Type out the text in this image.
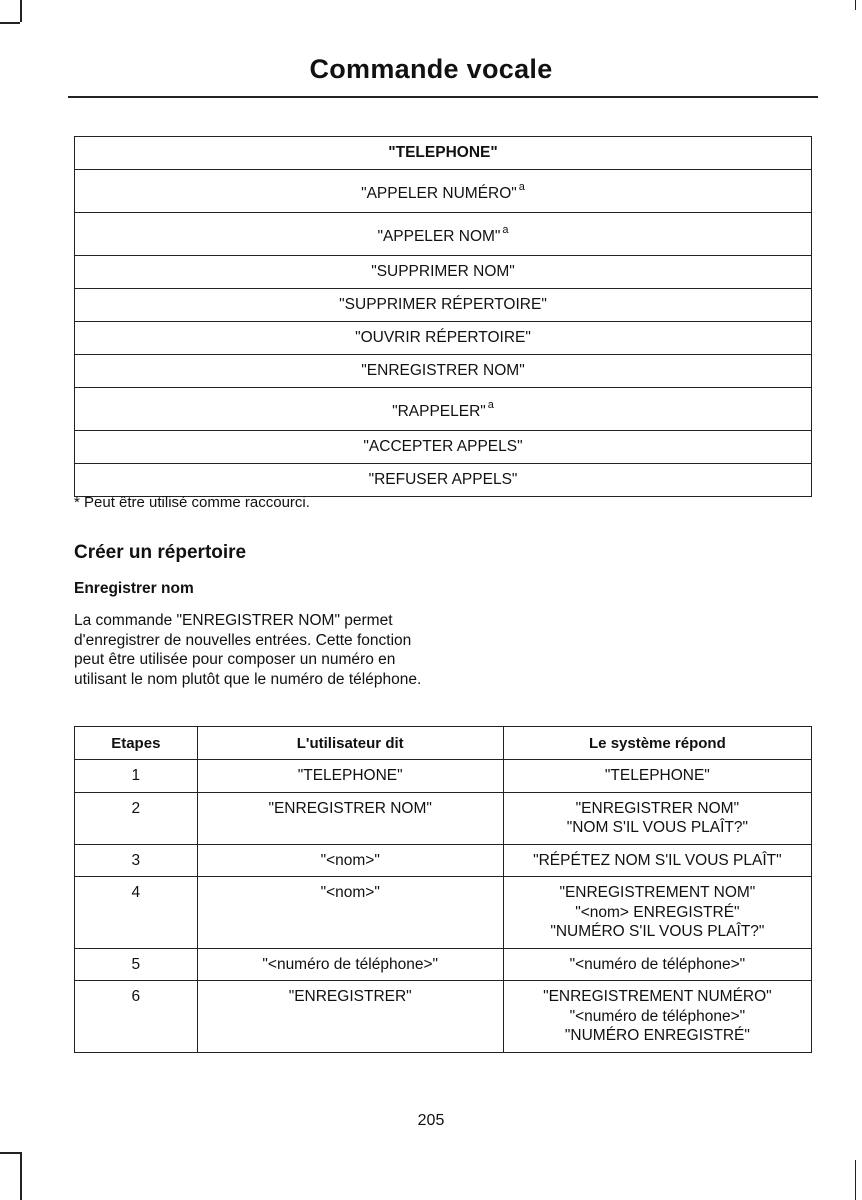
Commande vocale
"TELEPHONE"
"APPELER NUMÉRO" $^a$
"APPELER NOM" $^a$
"SUPPRIMER NOM"
"SUPPRIMER RÉPERTOIRE"
"OUVRIR RÉPERTOIRE"
"ENREGISTRER NOM"
"RAPPELER" $^a$
"ACCEPTER APPELS"
"REFUSER APPELS"
* Peut être utilisé comme raccourci.
Créer un répertoire
Enregistrer nom
La commande "ENREGISTRER NOM" permet d'enregistrer de nouvelles entrées. Cette fonction peut être utilisée pour composer un numéro en utilisant le nom plutôt que le numéro de téléphone.
Etapes	L'utilisateur dit	Le système répond
1	"TELEPHONE"	"TELEPHONE"

2	"ENREGISTRER NOM"	"ENREGISTRER NOM"
"NOM S'IL VOUS PLAÎT?"

3	"<nom>"	"RÉPÉTEZ NOM S'IL VOUS PLAÎT"

4	"<nom>"	"ENREGISTREMENT NOM"
"<nom> ENREGISTRÉ"
"NUMÉRO S'IL VOUS PLAÎT?"

5	"<numéro de téléphone>"	"<numéro de téléphone>"

6	"ENREGISTRER"	"ENREGISTREMENT NUMÉRO"
"<numéro de téléphone>"
"NUMÉRO ENREGISTRÉ"
205
